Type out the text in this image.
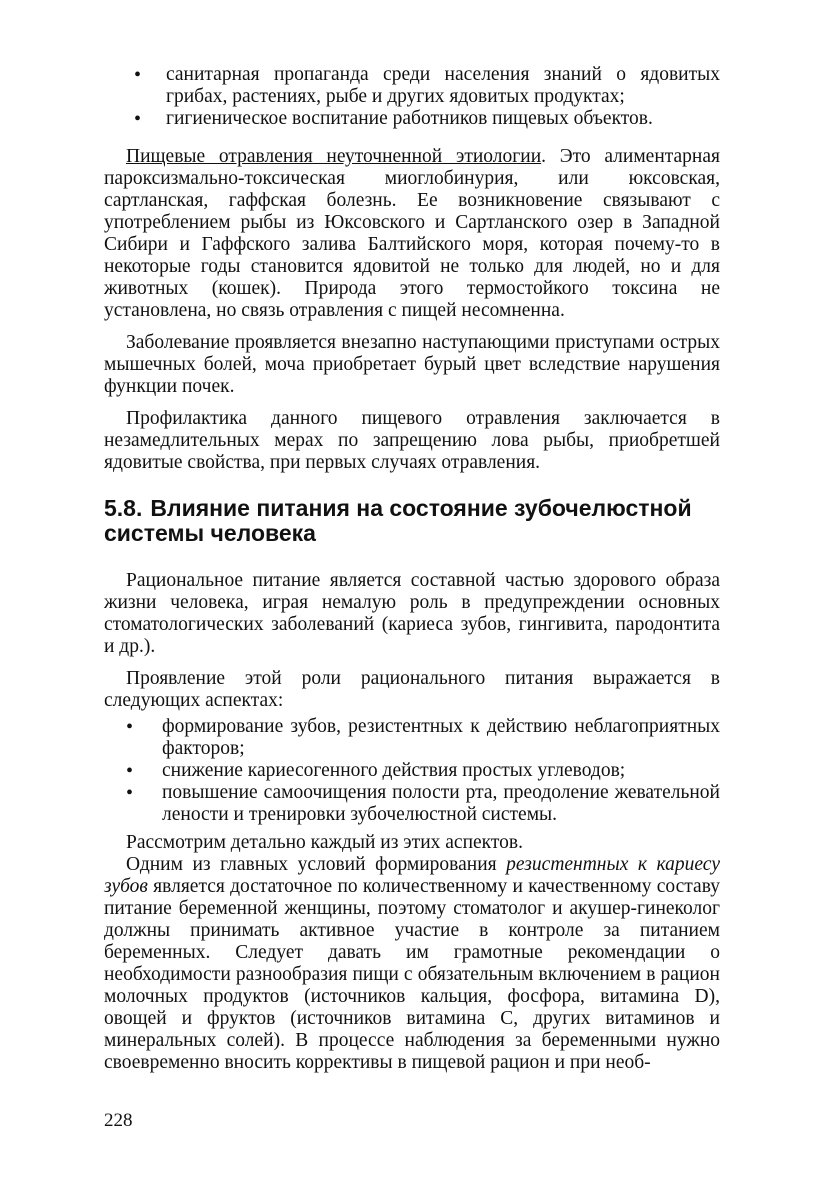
• санитарная пропаганда среди населения знаний о ядовитых грибах, растениях, рыбе и других ядовитых продуктах;
• гигиеническое воспитание работников пищевых объектов.

Пищевые отравления неуточненной этиологии. Это алиментарная пароксизмально-токсическая миоглобинурия, или юксовская, сартланская, гаффская болезнь. Ее возникновение связывают с употреблением рыбы из Юксовского и Сартланского озер в Западной Сибири и Гаффского залива Балтийского моря, которая почему-то в некоторые годы становится ядовитой не только для людей, но и для животных (кошек). Природа этого термостойкого токсина не установлена, но связь отравления с пищей несомненна.

Заболевание проявляется внезапно наступающими приступами острых мышечных болей, моча приобретает бурый цвет вследствие нарушения функции почек.

Профилактика данного пищевого отравления заключается в незамедлительных мерах по запрещению лова рыбы, приобретшей ядовитые свойства, при первых случаях отравления.

5.8. Влияние питания на состояние зубочелюстной системы человека

Рациональное питание является составной частью здорового образа жизни человека, играя немалую роль в предупреждении основных стоматологических заболеваний (кариеса зубов, гингивита, пародонтита и др.).

Проявление этой роли рационального питания выражается в следующих аспектах:

• формирование зубов, резистентных к действию неблагоприятных факторов;
• снижение кариесогенного действия простых углеводов;
• повышение самоочищения полости рта, преодоление жевательной лености и тренировки зубочелюстной системы.

Рассмотрим детально каждый из этих аспектов.

Одним из главных условий формирования резистентных к кариесу зубов является достаточное по количественному и качественному составу питание беременной женщины, поэтому стоматолог и акушер-гинеколог должны принимать активное участие в контроле за питанием беременных. Следует давать им грамотные рекомендации о необходимости разнообразия пищи с обязательным включением в рацион молочных продуктов (источников кальция, фосфора, витамина D), овощей и фруктов (источников витамина С, других витаминов и минеральных солей). В процессе наблюдения за беременными нужно своевременно вносить коррективы в пищевой рацион и при необ-

228
